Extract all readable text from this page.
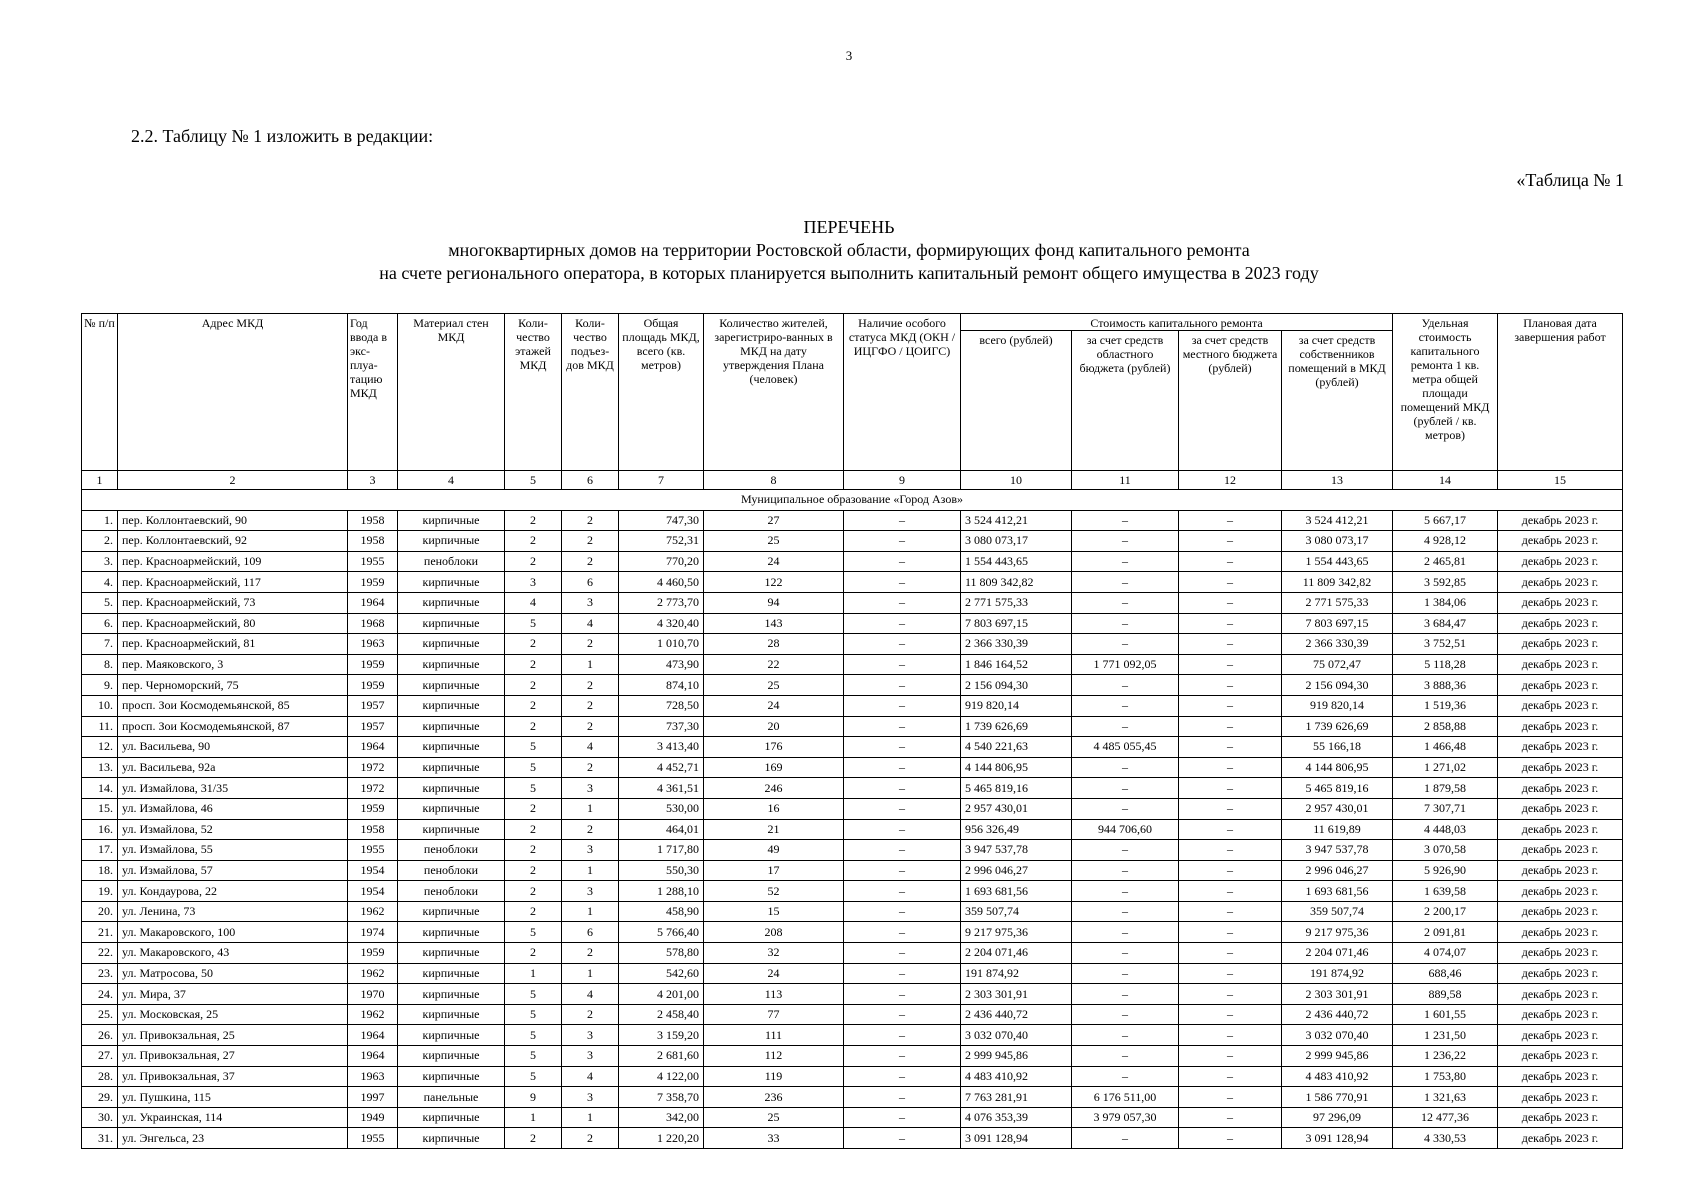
3
2.2. Таблицу № 1 изложить в редакции:
«Таблица № 1
ПЕРЕЧЕНЬ
многоквартирных домов на территории Ростовской области, формирующих фонд капитального ремонта
на счете регионального оператора, в которых планируется выполнить капитальный ремонт общего имущества в 2023 году
№ п/п	Адрес МКД	Год ввода в экс-плуа-тацию МКД	Материал стен МКД	Коли-чество этажей МКД	Коли-чество подъез-дов МКД	Общая площадь МКД, всего (кв. метров)	Количество жителей, зарегистриро-ванных в МКД на дату утверждения Плана (человек)	Наличие особого статуса МКД (ОКН / ИЦГФО / ЦОИГС)	Стоимость капитального ремонта				Удельная стоимость капитального ремонта 1 кв. метра общей площади помещений МКД (рублей / кв. метров)	Плановая дата завершения работ
									всего (рублей)	за счет средств областного бюджета (рублей)	за счет средств местного бюджета (рублей)	за счет средств собственников помещений в МКД (рублей)		
1	2	3	4	5	6	7	8	9	10	11	12	13	14	15
Муниципальное образование «Город Азов»														
1.	пер. Коллонтаевский, 90	1958	кирпичные	2	2	747,30	27	–	3 524 412,21	–	–	3 524 412,21	5 667,17	декабрь 2023 г.
2.	пер. Коллонтаевский, 92	1958	кирпичные	2	2	752,31	25	–	3 080 073,17	–	–	3 080 073,17	4 928,12	декабрь 2023 г.
3.	пер. Красноармейский, 109	1955	пеноблоки	2	2	770,20	24	–	1 554 443,65	–	–	1 554 443,65	2 465,81	декабрь 2023 г.
4.	пер. Красноармейский, 117	1959	кирпичные	3	6	4 460,50	122	–	11 809 342,82	–	–	11 809 342,82	3 592,85	декабрь 2023 г.
5.	пер. Красноармейский, 73	1964	кирпичные	4	3	2 773,70	94	–	2 771 575,33	–	–	2 771 575,33	1 384,06	декабрь 2023 г.
6.	пер. Красноармейский, 80	1968	кирпичные	5	4	4 320,40	143	–	7 803 697,15	–	–	7 803 697,15	3 684,47	декабрь 2023 г.
7.	пер. Красноармейский, 81	1963	кирпичные	2	2	1 010,70	28	–	2 366 330,39	–	–	2 366 330,39	3 752,51	декабрь 2023 г.
8.	пер. Маяковского, 3	1959	кирпичные	2	1	473,90	22	–	1 846 164,52	1 771 092,05	–	75 072,47	5 118,28	декабрь 2023 г.
9.	пер. Черноморский, 75	1959	кирпичные	2	2	874,10	25	–	2 156 094,30	–	–	2 156 094,30	3 888,36	декабрь 2023 г.
10.	просп. Зои Космодемьянской, 85	1957	кирпичные	2	2	728,50	24	–	919 820,14	–	–	919 820,14	1 519,36	декабрь 2023 г.
11.	просп. Зои Космодемьянской, 87	1957	кирпичные	2	2	737,30	20	–	1 739 626,69	–	–	1 739 626,69	2 858,88	декабрь 2023 г.
12.	ул. Васильева, 90	1964	кирпичные	5	4	3 413,40	176	–	4 540 221,63	4 485 055,45	–	55 166,18	1 466,48	декабрь 2023 г.
13.	ул. Васильева, 92а	1972	кирпичные	5	2	4 452,71	169	–	4 144 806,95	–	–	4 144 806,95	1 271,02	декабрь 2023 г.
14.	ул. Измайлова, 31/35	1972	кирпичные	5	3	4 361,51	246	–	5 465 819,16	–	–	5 465 819,16	1 879,58	декабрь 2023 г.
15.	ул. Измайлова, 46	1959	кирпичные	2	1	530,00	16	–	2 957 430,01	–	–	2 957 430,01	7 307,71	декабрь 2023 г.
16.	ул. Измайлова, 52	1958	кирпичные	2	2	464,01	21	–	956 326,49	944 706,60	–	11 619,89	4 448,03	декабрь 2023 г.
17.	ул. Измайлова, 55	1955	пеноблоки	2	3	1 717,80	49	–	3 947 537,78	–	–	3 947 537,78	3 070,58	декабрь 2023 г.
18.	ул. Измайлова, 57	1954	пеноблоки	2	1	550,30	17	–	2 996 046,27	–	–	2 996 046,27	5 926,90	декабрь 2023 г.
19.	ул. Кондаурова, 22	1954	пеноблоки	2	3	1 288,10	52	–	1 693 681,56	–	–	1 693 681,56	1 639,58	декабрь 2023 г.
20.	ул. Ленина, 73	1962	кирпичные	2	1	458,90	15	–	359 507,74	–	–	359 507,74	2 200,17	декабрь 2023 г.
21.	ул. Макаровского, 100	1974	кирпичные	5	6	5 766,40	208	–	9 217 975,36	–	–	9 217 975,36	2 091,81	декабрь 2023 г.
22.	ул. Макаровского, 43	1959	кирпичные	2	2	578,80	32	–	2 204 071,46	–	–	2 204 071,46	4 074,07	декабрь 2023 г.
23.	ул. Матросова, 50	1962	кирпичные	1	1	542,60	24	–	191 874,92	–	–	191 874,92	688,46	декабрь 2023 г.
24.	ул. Мира, 37	1970	кирпичные	5	4	4 201,00	113	–	2 303 301,91	–	–	2 303 301,91	889,58	декабрь 2023 г.
25.	ул. Московская, 25	1962	кирпичные	5	2	2 458,40	77	–	2 436 440,72	–	–	2 436 440,72	1 601,55	декабрь 2023 г.
26.	ул. Привокзальная, 25	1964	кирпичные	5	3	3 159,20	111	–	3 032 070,40	–	–	3 032 070,40	1 231,50	декабрь 2023 г.
27.	ул. Привокзальная, 27	1964	кирпичные	5	3	2 681,60	112	–	2 999 945,86	–	–	2 999 945,86	1 236,22	декабрь 2023 г.
28.	ул. Привокзальная, 37	1963	кирпичные	5	4	4 122,00	119	–	4 483 410,92	–	–	4 483 410,92	1 753,80	декабрь 2023 г.
29.	ул. Пушкина, 115	1997	панельные	9	3	7 358,70	236	–	7 763 281,91	6 176 511,00	–	1 586 770,91	1 321,63	декабрь 2023 г.
30.	ул. Украинская, 114	1949	кирпичные	1	1	342,00	25	–	4 076 353,39	3 979 057,30	–	97 296,09	12 477,36	декабрь 2023 г.
31.	ул. Энгельса, 23	1955	кирпичные	2	2	1 220,20	33	–	3 091 128,94	–	–	3 091 128,94	4 330,53	декабрь 2023 г.
